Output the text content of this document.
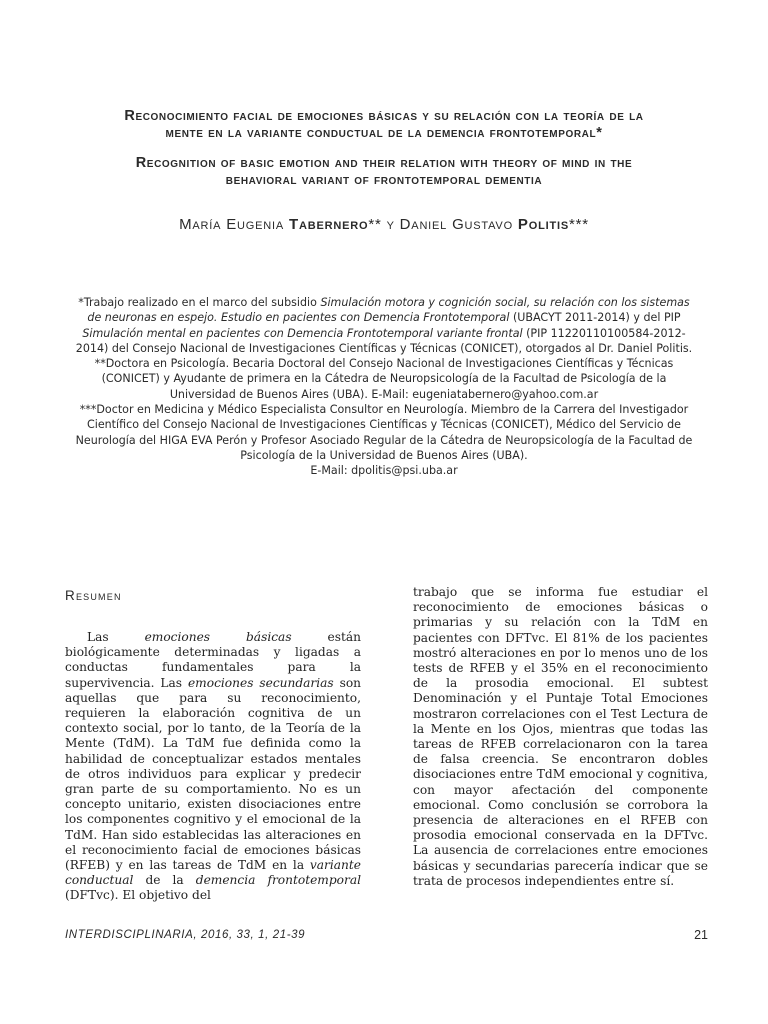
Reconocimiento facial de emociones básicas y su relación con la teoría de la
mente en la variante conductual de la demencia frontotemporal*
Recognition of basic emotion and their relation with theory of mind in the
behavioral variant of frontotemporal dementia
María Eugenia Tabernero** y Daniel Gustavo Politis***

*Trabajo realizado en el marco del subsidio Simulación motora y cognición social, su relación con los sistemas de neuronas en espejo. Estudio en pacientes con Demencia Frontotemporal (UBACYT 2011-2014) y del PIP Simulación mental en pacientes con Demencia Frontotemporal variante frontal (PIP 11220110100584-2012-2014) del Consejo Nacional de Investigaciones Científicas y Técnicas (CONICET), otorgados al Dr. Daniel Politis.

**Doctora en Psicología. Becaria Doctoral del Consejo Nacional de Investigaciones Científicas y Técnicas (CONICET) y Ayudante de primera en la Cátedra de Neuropsicología de la Facultad de Psicología de la Universidad de Buenos Aires (UBA). E-Mail: eugeniatabernero@yahoo.com.ar

***Doctor en Medicina y Médico Especialista Consultor en Neurología. Miembro de la Carrera del Investigador Científico del Consejo Nacional de Investigaciones Científicas y Técnicas (CONICET), Médico del Servicio de Neurología del HIGA EVA Perón y Profesor Asociado Regular de la Cátedra de Neuropsicología de la Facultad de Psicología de la Universidad de Buenos Aires (UBA).
E-Mail: dpolitis@psi.uba.ar

Resumen

Las	emociones básicas	están biológicamente determinadas y ligadas a conductas fundamentales para la supervivencia. Las emociones secundarias son aquellas que para su reconocimiento, requieren la elaboración cognitiva de un contexto social, por lo tanto, de la Teoría de la Mente (TdM). La TdM fue definida como la habilidad de conceptualizar estados mentales de otros individuos para explicar y predecir gran parte de su comportamiento. No es un concepto unitario, existen disociaciones entre los componentes cognitivo y el emocional de la TdM. Han sido establecidas las alteraciones en el reconocimiento facial de emociones básicas (RFEB) y en las tareas de TdM en la variante conductual de la demencia frontotemporal (DFTvc). El objetivo del

trabajo que se informa fue estudiar el reconocimiento de emociones básicas o primarias y su relación con la TdM en pacientes con DFTvc. El 81% de los pacientes mostró alteraciones en por lo menos uno de los tests de RFEB y el 35% en el reconocimiento de la prosodia emocional. El subtest Denominación y el Puntaje Total Emociones mostraron correlaciones con el Test Lectura de la Mente en los Ojos, mientras que todas las tareas de RFEB correlacionaron con la tarea de falsa creencia. Se encontraron dobles disociaciones entre TdM emocional y cognitiva, con mayor afectación del componente emocional. Como conclusión se corrobora la presencia de alteraciones en el RFEB con prosodia emocional conservada en la DFTvc. La ausencia de correlaciones entre emociones básicas y secundarias parecería indicar que se trata de procesos independientes entre sí.

INTERDISCIPLINARIA, 2016, 33, 1, 21-39	21
